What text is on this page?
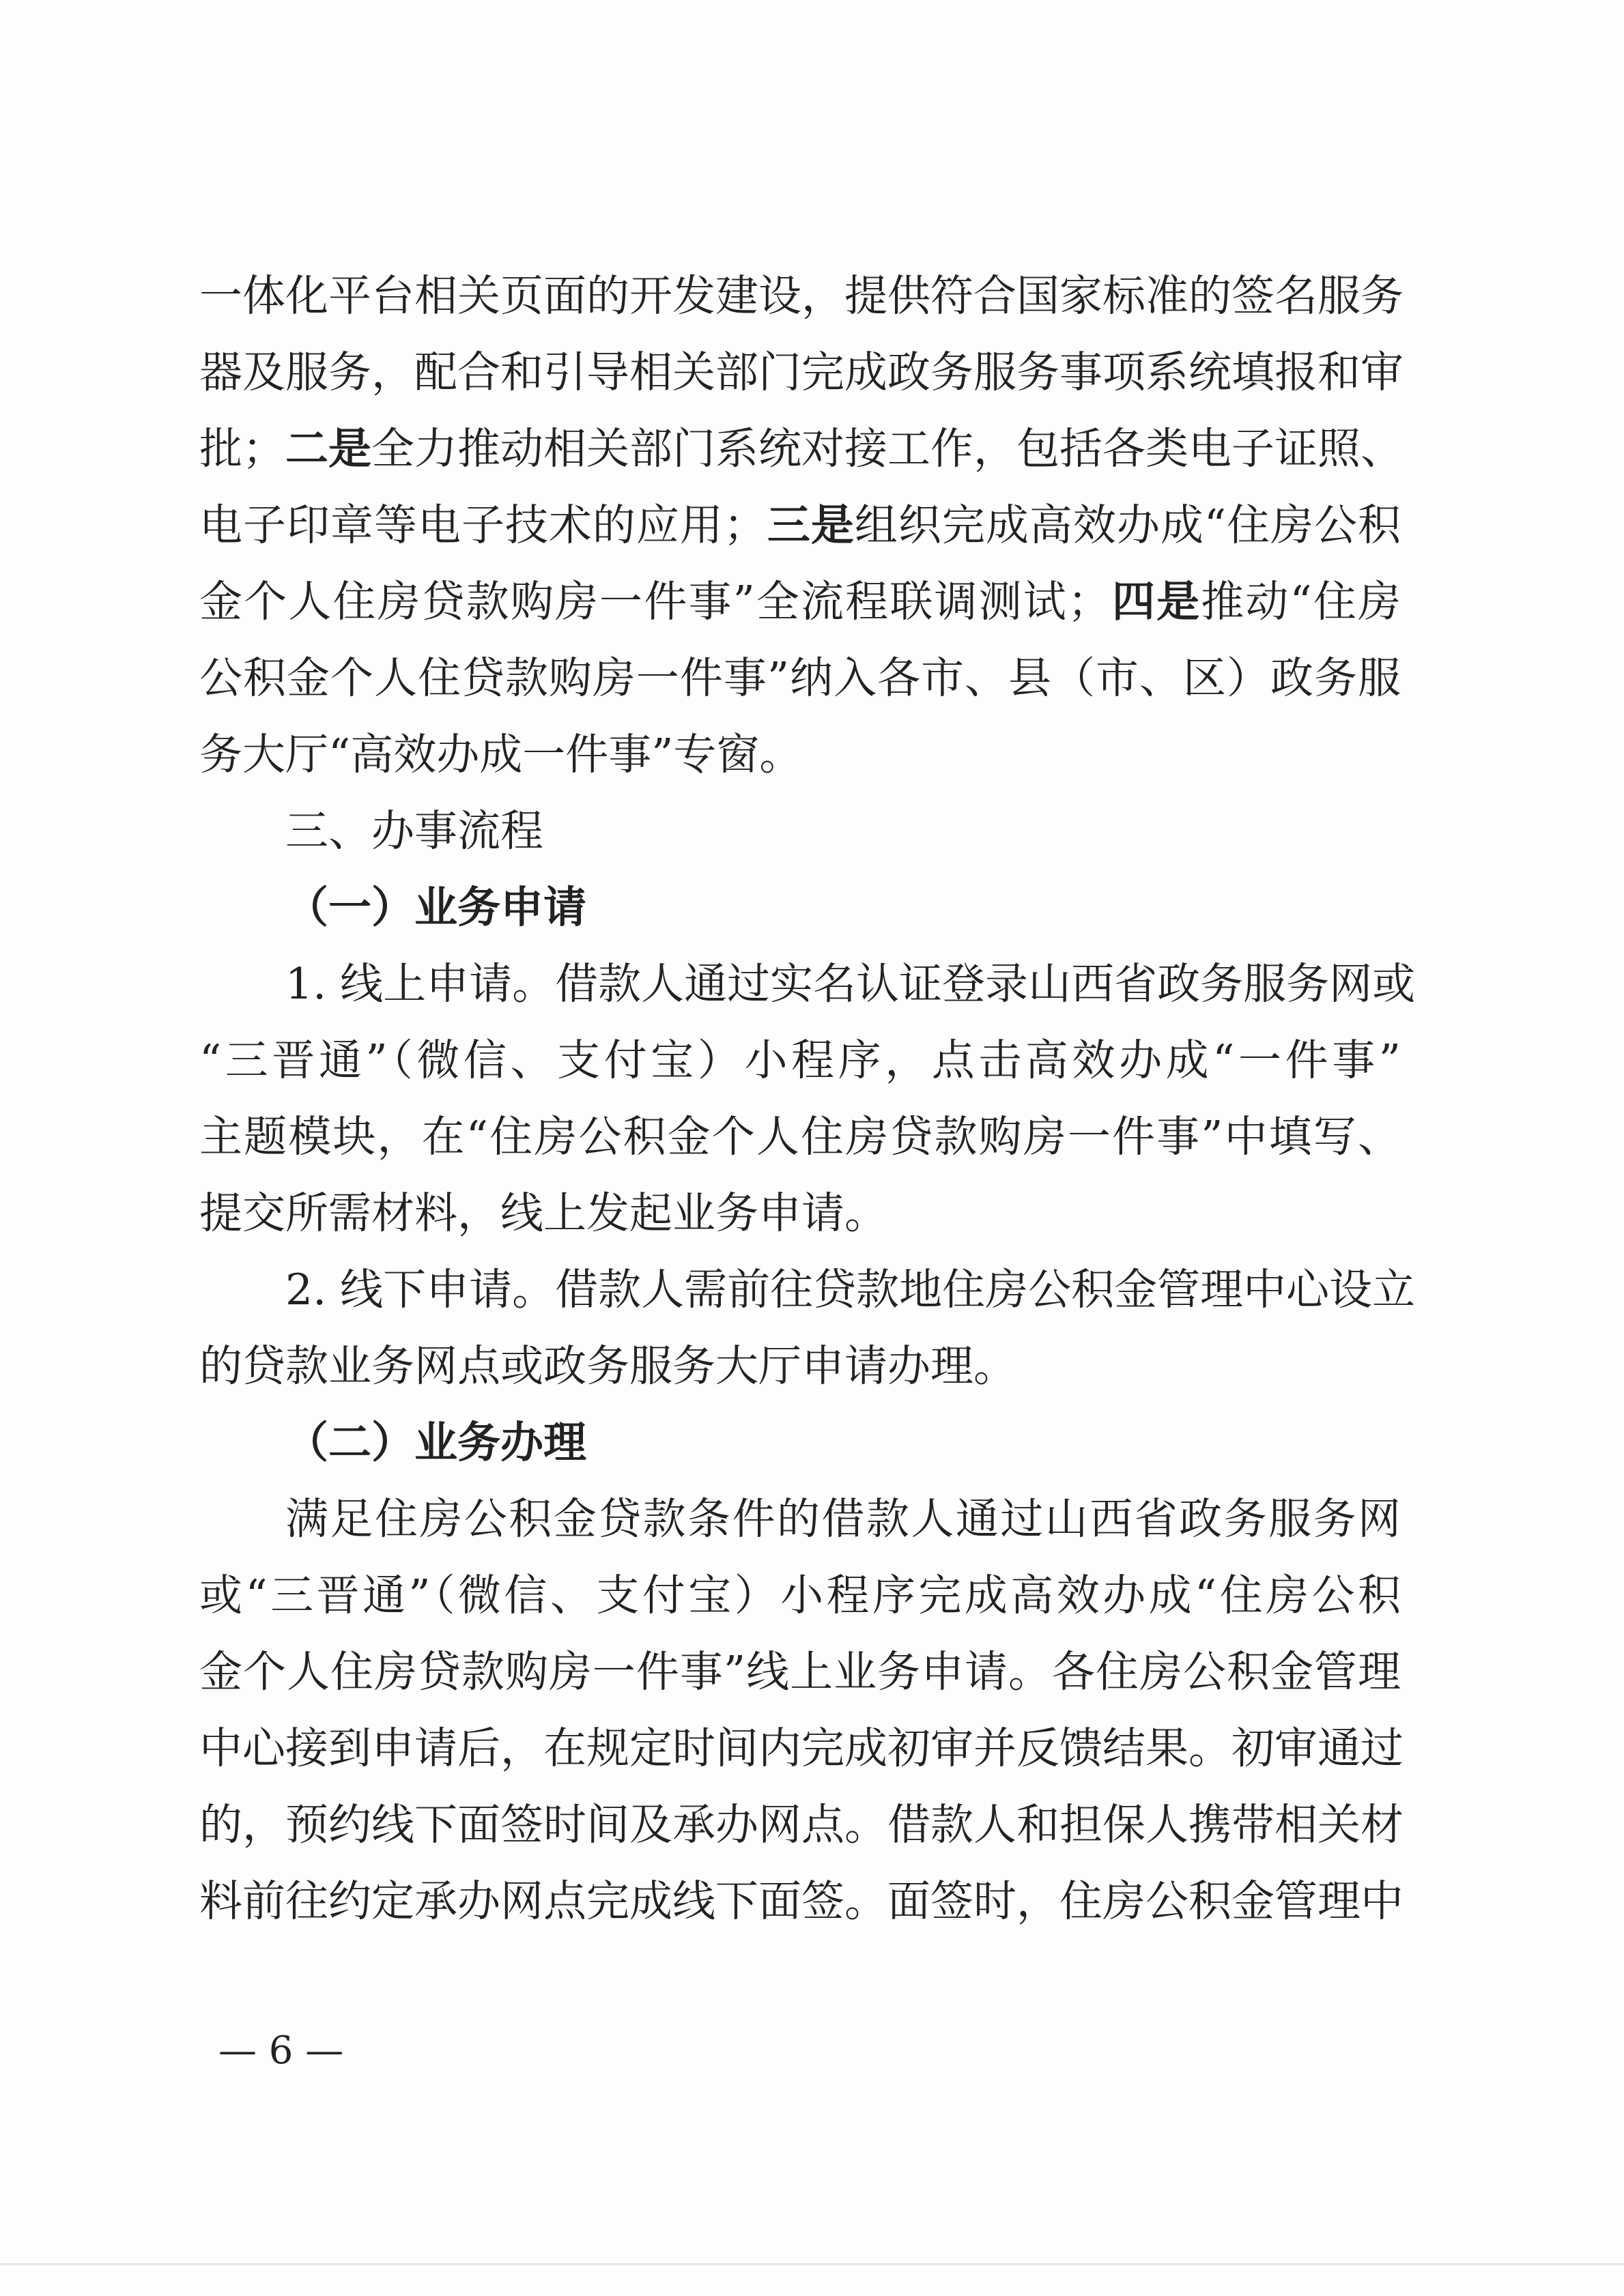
一体化平台相关页面的开发建设，提供符合国家标准的签名服务
器及服务，配合和引导相关部门完成政务服务事项系统填报和审
批；二是全力推动相关部门系统对接工作，包括各类电子证照、
电子印章等电子技术的应用；三是组织完成高效办成“住房公积
金个人住房贷款购房一件事”全流程联调测试；四是推动“住房
公积金个人住贷款购房一件事”纳入各市、县（市、区）政务服
务大厅“高效办成一件事”专窗。
三、办事流程
（一）业务申请
1. 线上申请。借款人通过实名认证登录山西省政务服务网或
“三晋通”（微信、支付宝）小程序，点击高效办成“一件事”
主题模块，在“住房公积金个人住房贷款购房一件事”中填写、
提交所需材料，线上发起业务申请。
2. 线下申请。借款人需前往贷款地住房公积金管理中心设立
的贷款业务网点或政务服务大厅申请办理。
（二）业务办理
满足住房公积金贷款条件的借款人通过山西省政务服务网
或“三晋通”（微信、支付宝）小程序完成高效办成“住房公积
金个人住房贷款购房一件事”线上业务申请。各住房公积金管理
中心接到申请后，在规定时间内完成初审并反馈结果。初审通过
的，预约线下面签时间及承办网点。借款人和担保人携带相关材
料前往约定承办网点完成线下面签。面签时，住房公积金管理中
— 6 —
